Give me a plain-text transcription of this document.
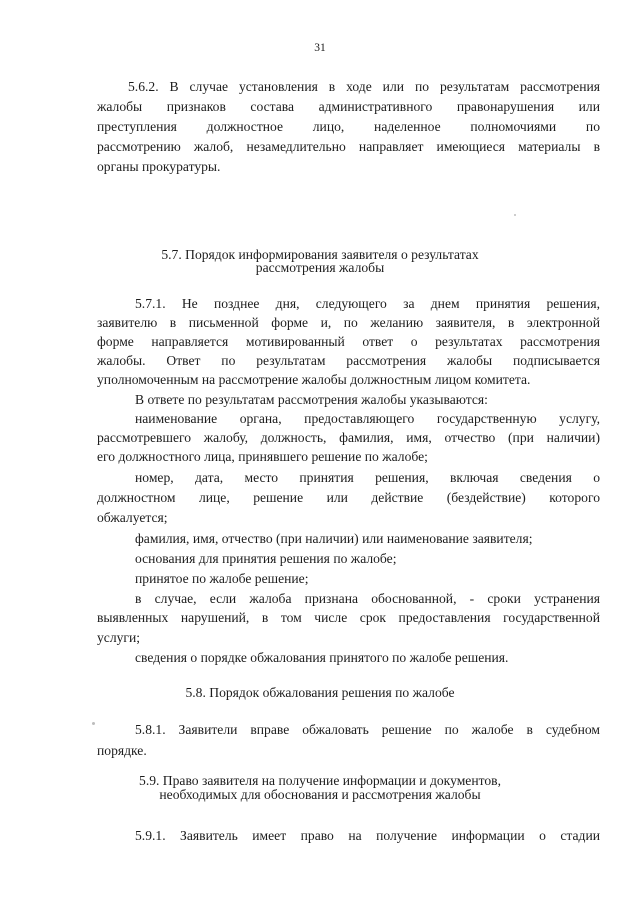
31
5.6.2. В случае установления в ходе или по результатам рассмотрения
жалобы признаков состава административного правонарушения или
преступления должностное лицо, наделенное полномочиями по
рассмотрению жалоб, незамедлительно направляет имеющиеся материалы в
органы прокуратуры.
5.7. Порядок информирования заявителя о результатах
рассмотрения жалобы
5.7.1. Не позднее дня, следующего за днем принятия решения,
заявителю в письменной форме и, по желанию заявителя, в электронной
форме направляется мотивированный ответ о результатах рассмотрения
жалобы. Ответ по результатам рассмотрения жалобы подписывается
уполномоченным на рассмотрение жалобы должностным лицом комитета.
В ответе по результатам рассмотрения жалобы указываются:
наименование органа, предоставляющего государственную услугу,
рассмотревшего жалобу, должность, фамилия, имя, отчество (при наличии)
его должностного лица, принявшего решение по жалобе;
номер, дата, место принятия решения, включая сведения о
должностном лице, решение или действие (бездействие) которого
обжалуется;
фамилия, имя, отчество (при наличии) или наименование заявителя;
основания для принятия решения по жалобе;
принятое по жалобе решение;
в случае, если жалоба признана обоснованной, - сроки устранения
выявленных нарушений, в том числе срок предоставления государственной
услуги;
сведения о порядке обжалования принятого по жалобе решения.
5.8. Порядок обжалования решения по жалобе
5.8.1. Заявители вправе обжаловать решение по жалобе в судебном
порядке.
5.9. Право заявителя на получение информации и документов,
необходимых для обоснования и рассмотрения жалобы
5.9.1. Заявитель имеет право на получение информации о стадии
